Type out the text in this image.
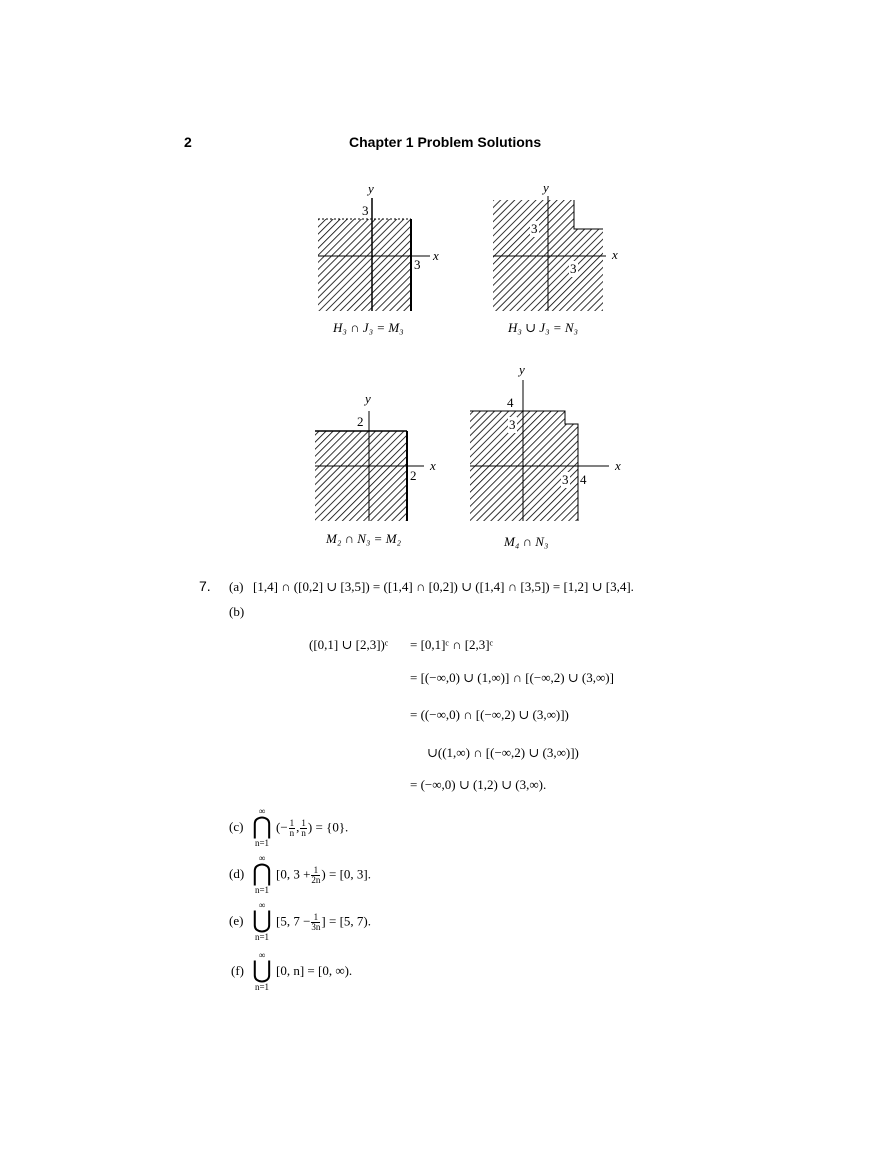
2	Chapter 1 Problem Solutions
y
x
3
3
H₃ ∩ J₃ = M₃
y
x
3
3
H₃ ∪ J₃ = N₃
y
x
2
2
M₂ ∩ N₃ = M₂
y
x
4
3
3 4
M₄ ∩ N₃
7. (a) [1,4] ∩ ([0,2] ∪ [3,5]) = ([1,4] ∩ [0,2]) ∪ ([1,4] ∩ [3,5]) = [1,2] ∪ [3,4].
(b)
([0,1] ∪ [2,3])ᶜ = [0,1]ᶜ ∩ [2,3]ᶜ
= [(−∞,0) ∪ (1,∞)] ∩ [(−∞,2) ∪ (3,∞)]
= ((−∞,0) ∩ [(−∞,2) ∪ (3,∞)])
∪((1,∞) ∩ [(−∞,2) ∪ (3,∞)])
= (−∞,0) ∪ (1,2) ∪ (3,∞).
(c)
∞
⋂
n=1
(− $\frac{1}{n}$ , $\frac{1}{n}$ ) = {0}.
(d)
∞
⋂
n=1
[0, $3 + \frac{1}{2n}$ ) = [0, 3].
(e)
∞
⋃
n=1
[5, $7 - \frac{1}{3n}$ ] = [5, 7).
(f)
∞
⋃
n=1
[0, n] = [0, ∞).
